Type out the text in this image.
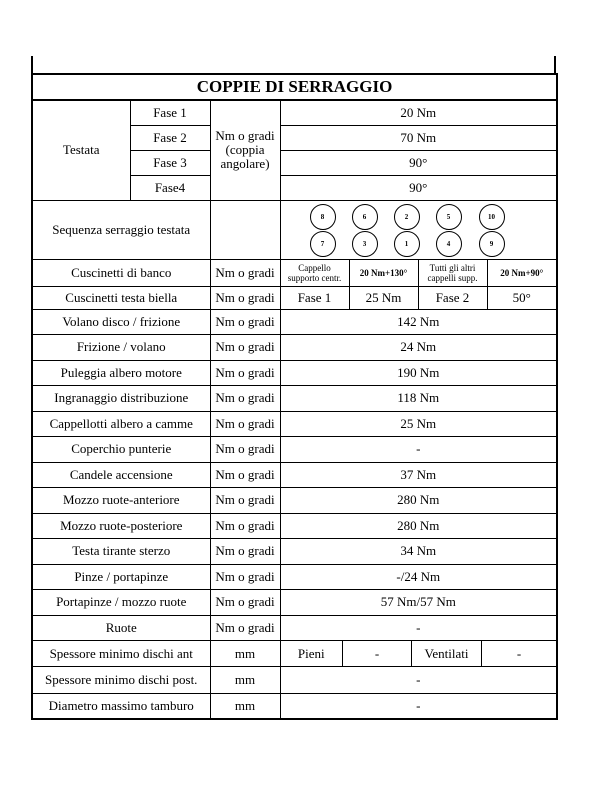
COPPIE DI SERRAGGIO
Testata	Fase 1	Nm o gradi (coppia angolare)	20 Nm
Fase 2	70 Nm
Fase 3	90°
Fase4	90°
Sequenza serraggio testata		
8	6	2	5	10
7	3	1	4	9

Cuscinetti di banco	Nm o gradi	Cappello supporto centr.	20 Nm+130°	Tutti gli altri cappelli supp.	20 Nm+90°
Cuscinetti testa biella	Nm o gradi	Fase 1	25 Nm	Fase 2	50°
Volano disco / frizione	Nm o gradi	142 Nm
Frizione / volano	Nm o gradi	24 Nm
Puleggia albero motore	Nm o gradi	190 Nm
Ingranaggio distribuzione	Nm o gradi	118 Nm
Cappellotti albero a camme	Nm o gradi	25 Nm
Coperchio punterie	Nm o gradi	-
Candele accensione	Nm o gradi	37 Nm
Mozzo ruote-anteriore	Nm o gradi	280 Nm
Mozzo ruote-posteriore	Nm o gradi	280 Nm
Testa tirante sterzo	Nm o gradi	34 Nm
Pinze / portapinze	Nm o gradi	-/24 Nm
Portapinze / mozzo ruote	Nm o gradi	57 Nm/57 Nm
Ruote	Nm o gradi	-
Spessore minimo dischi ant	mm		Pieni	-	Ventilati	-

Spessore minimo dischi post.	mm	-
Diametro massimo tamburo	mm	-
